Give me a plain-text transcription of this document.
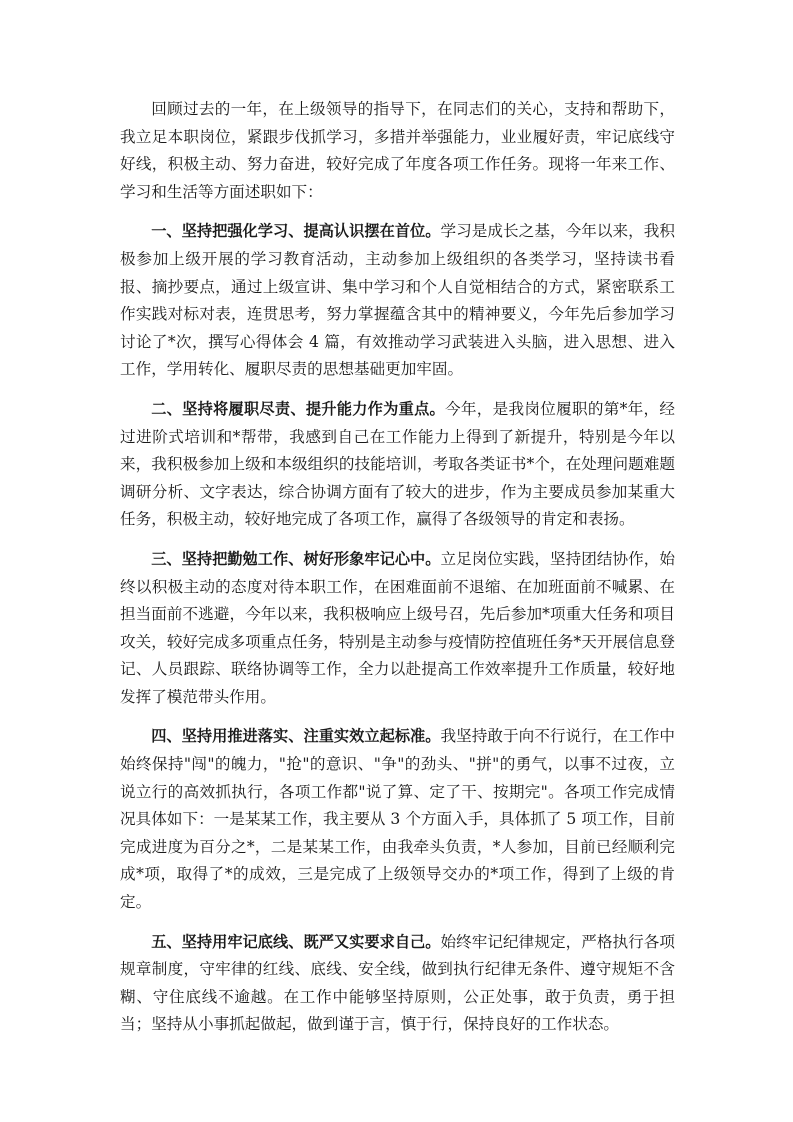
回顾过去的一年，在上级领导的指导下，在同志们的关心，支持和帮助下，我立足本职岗位，紧跟步伐抓学习，多措并举强能力，业业履好责，牢记底线守好线，积极主动、努力奋进，较好完成了年度各项工作任务。现将一年来工作、学习和生活等方面述职如下：

一、坚持把强化学习、提高认识摆在首位。学习是成长之基，今年以来，我积极参加上级开展的学习教育活动，主动参加上级组织的各类学习，坚持读书看报、摘抄要点，通过上级宣讲、集中学习和个人自觉相结合的方式，紧密联系工作实践对标对表，连贯思考，努力掌握蕴含其中的精神要义，今年先后参加学习讨论了*次，撰写心得体会 4 篇，有效推动学习武装进入头脑，进入思想、进入工作，学用转化、履职尽责的思想基础更加牢固。

二、坚持将履职尽责、提升能力作为重点。今年，是我岗位履职的第*年，经过进阶式培训和*帮带，我感到自己在工作能力上得到了新提升，特别是今年以来，我积极参加上级和本级组织的技能培训，考取各类证书*个，在处理问题难题调研分析、文字表达，综合协调方面有了较大的进步，作为主要成员参加某重大任务，积极主动，较好地完成了各项工作，赢得了各级领导的肯定和表扬。

三、坚持把勤勉工作、树好形象牢记心中。立足岗位实践，坚持团结协作，始终以积极主动的态度对待本职工作，在困难面前不退缩、在加班面前不喊累、在担当面前不逃避，今年以来，我积极响应上级号召，先后参加*项重大任务和项目攻关，较好完成多项重点任务，特别是主动参与疫情防控值班任务*天开展信息登记、人员跟踪、联络协调等工作，全力以赴提高工作效率提升工作质量，较好地发挥了模范带头作用。

四、坚持用推进落实、注重实效立起标准。我坚持敢于向不行说行，在工作中始终保持"闯"的魄力，"抢"的意识、"争"的劲头、"拼"的勇气，以事不过夜，立说立行的高效抓执行，各项工作都"说了算、定了干、按期完"。各项工作完成情况具体如下：一是某某工作，我主要从 3 个方面入手，具体抓了 5 项工作，目前完成进度为百分之*，二是某某工作，由我牵头负责，*人参加，目前已经顺利完成*项，取得了*的成效，三是完成了上级领导交办的*项工作，得到了上级的肯定。

五、坚持用牢记底线、既严又实要求自己。始终牢记纪律规定，严格执行各项规章制度，守牢律的红线、底线、安全线，做到执行纪律无条件、遵守规矩不含糊、守住底线不逾越。在工作中能够坚持原则，公正处事，敢于负责，勇于担当；坚持从小事抓起做起，做到谨于言，慎于行，保持良好的工作状态。
